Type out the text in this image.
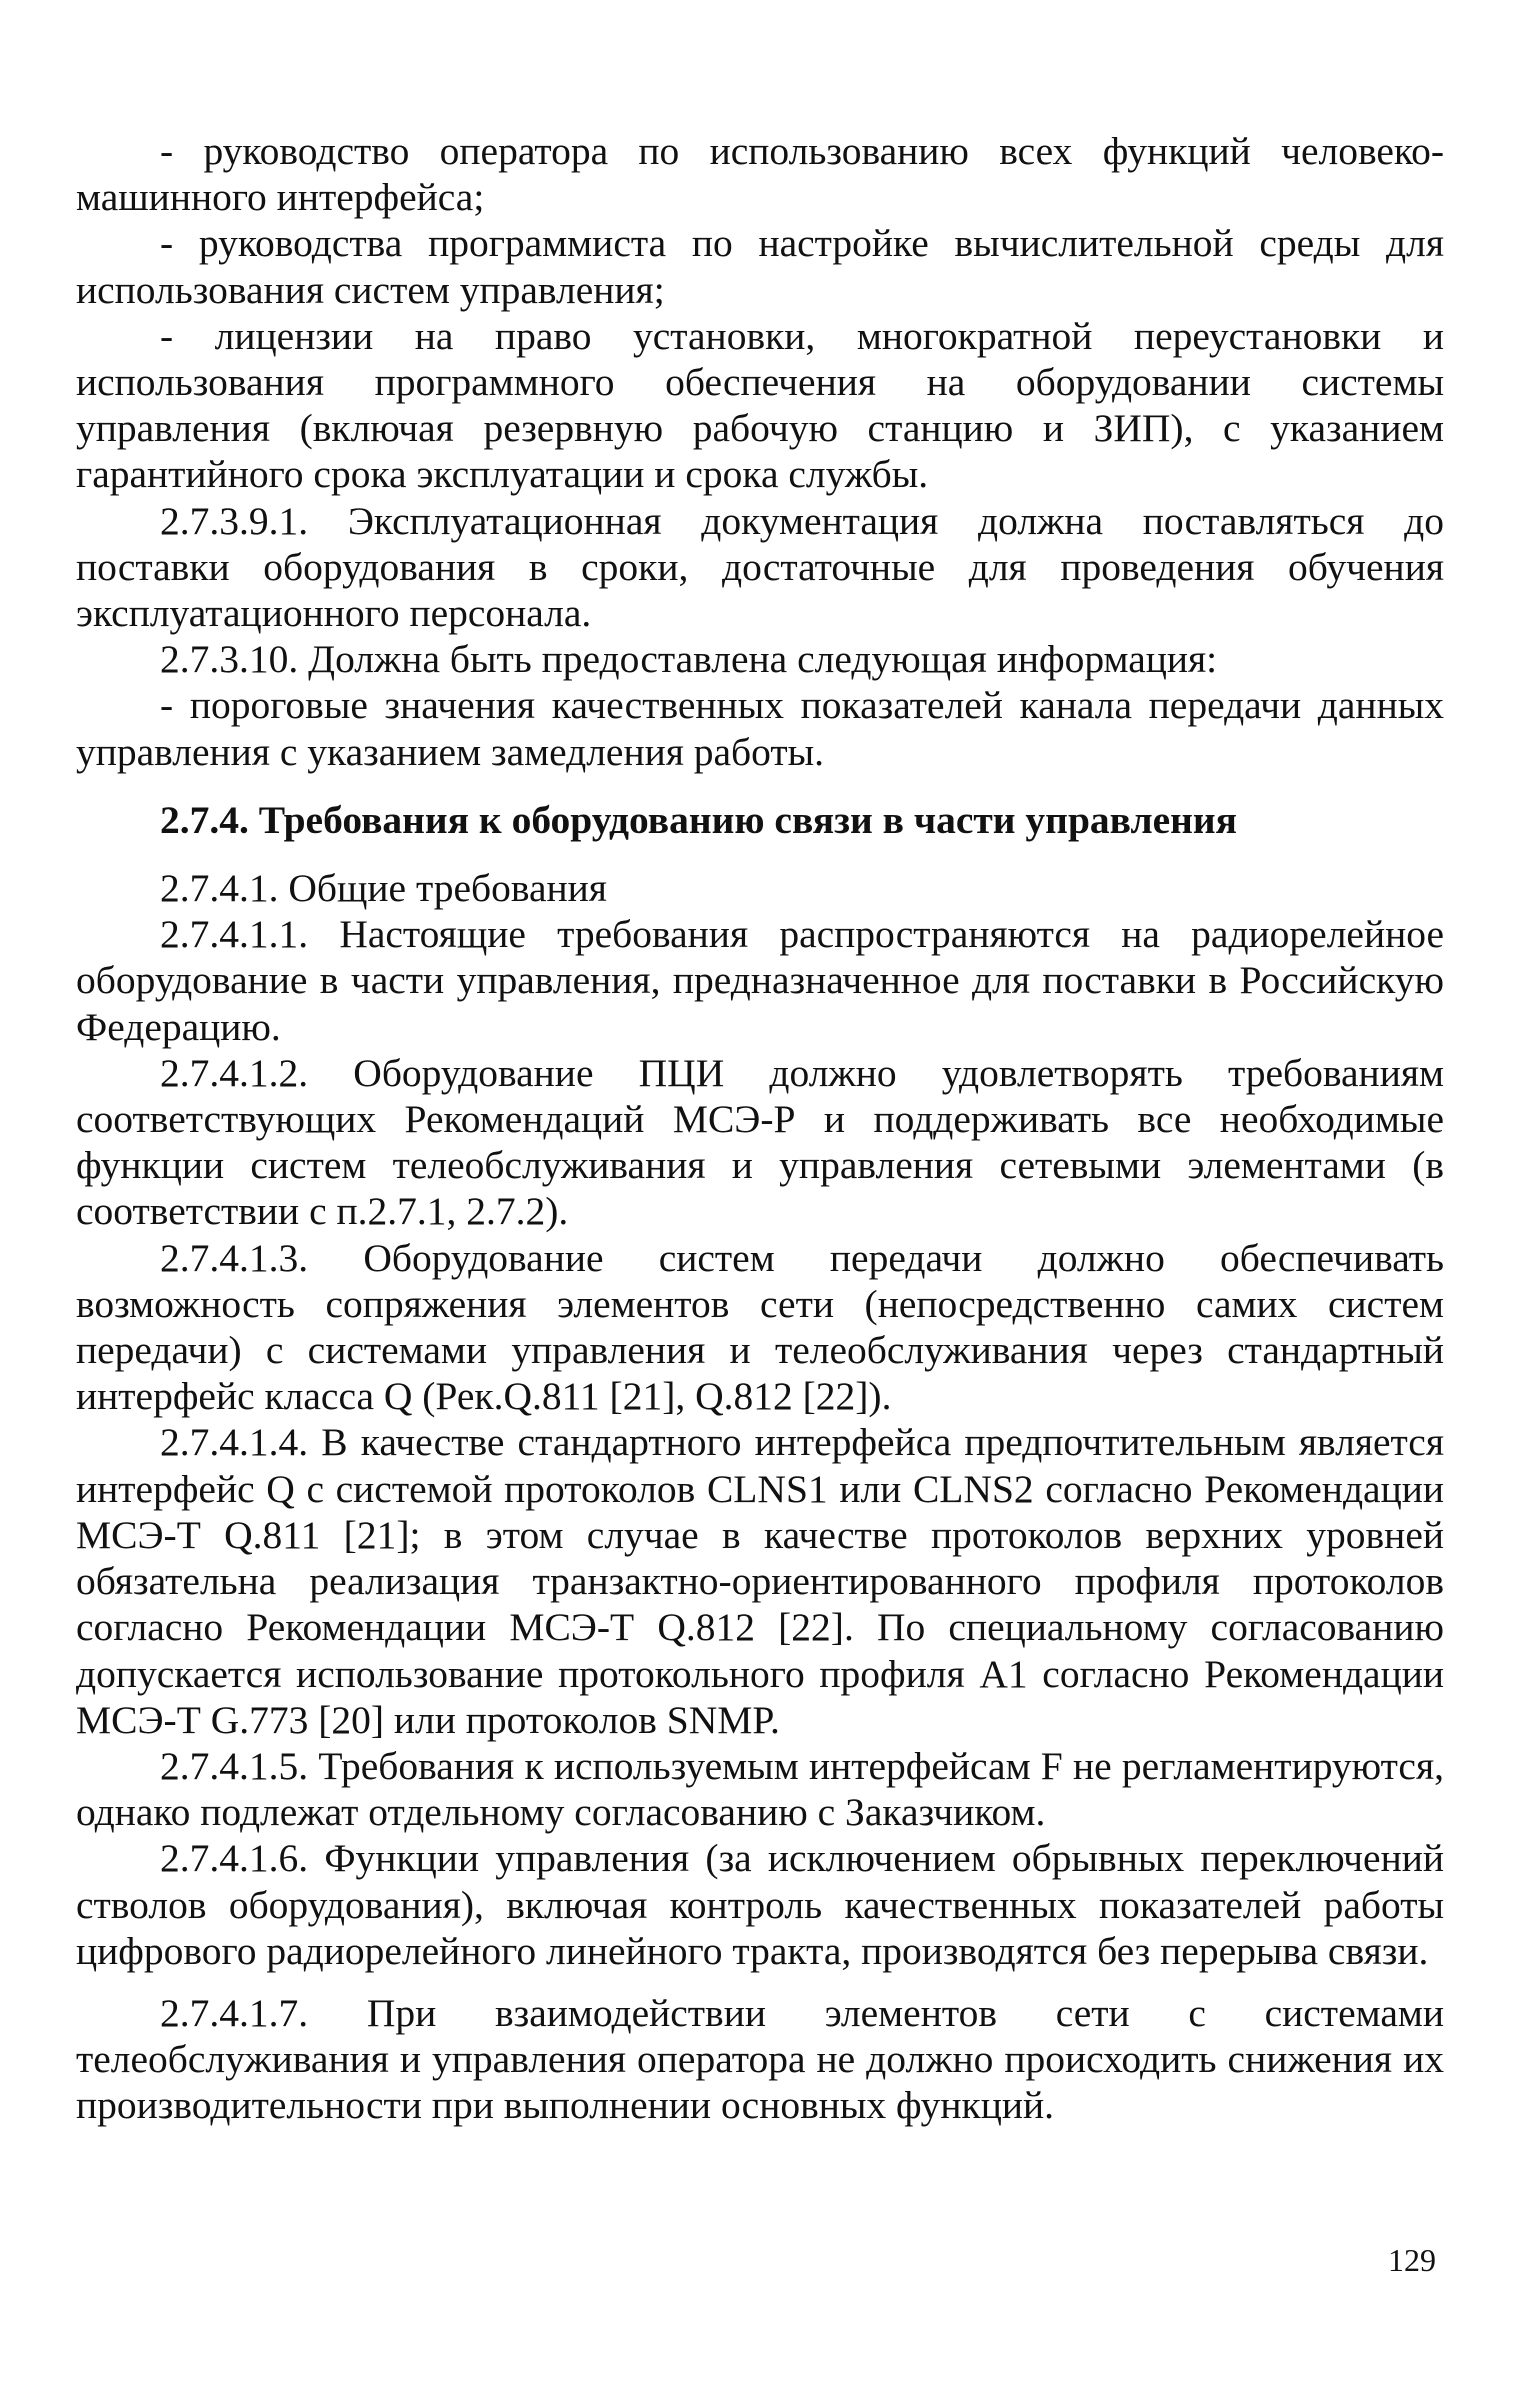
- руководство оператора по использованию всех функций человеко-машинного интерфейса;

- руководства программиста по настройке вычислительной среды для использования систем управления;

- лицензии на право установки, многократной переустановки и использования программного обеспечения на оборудовании системы управления (включая резервную рабочую станцию и ЗИП), с указанием гарантийного срока эксплуатации и срока службы.

2.7.3.9.1. Эксплуатационная документация должна поставляться до поставки оборудования в сроки, достаточные для проведения обучения эксплуатационного персонала.

2.7.3.10. Должна быть предоставлена следующая информация:

- пороговые значения качественных показателей канала передачи данных управления с указанием замедления работы.

2.7.4. Требования к оборудованию связи в части управления

2.7.4.1. Общие требования

2.7.4.1.1. Настоящие требования распространяются на радиорелейное оборудование в части управления, предназначенное для поставки в Российскую Федерацию.

2.7.4.1.2. Оборудование ПЦИ должно удовлетворять требованиям соответствующих Рекомендаций МСЭ-Р и поддерживать все необходимые функции систем телеобслуживания и управления сетевыми элементами (в соответствии с п.2.7.1, 2.7.2).

2.7.4.1.3. Оборудование систем передачи должно обеспечивать возможность сопряжения элементов сети (непосредственно самих систем передачи) с системами управления и телеобслуживания через стандартный интерфейс класса Q (Рек.Q.811 [21], Q.812 [22]).

2.7.4.1.4. В качестве стандартного интерфейса предпочтительным является интерфейс Q с системой протоколов CLNS1 или CLNS2 согласно Рекомендации МСЭ-Т Q.811 [21]; в этом случае в качестве протоколов верхних уровней обязательна реализация транзактно-ориентированного профиля протоколов согласно Рекомендации МСЭ-Т Q.812 [22]. По специальному согласованию допускается использование протокольного профиля A1 согласно Рекомендации МСЭ-Т G.773 [20] или протоколов SNMP.

2.7.4.1.5. Требования к используемым интерфейсам F не регламентируются, однако подлежат отдельному согласованию с Заказчиком.

2.7.4.1.6. Функции управления (за исключением обрывных переключений стволов оборудования), включая контроль качественных показателей работы цифрового радиорелейного линейного тракта, производятся без перерыва связи.

2.7.4.1.7. При взаимодействии элементов сети с системами телеобслуживания и управления оператора не должно происходить снижения их производительности при выполнении основных функций.

129
